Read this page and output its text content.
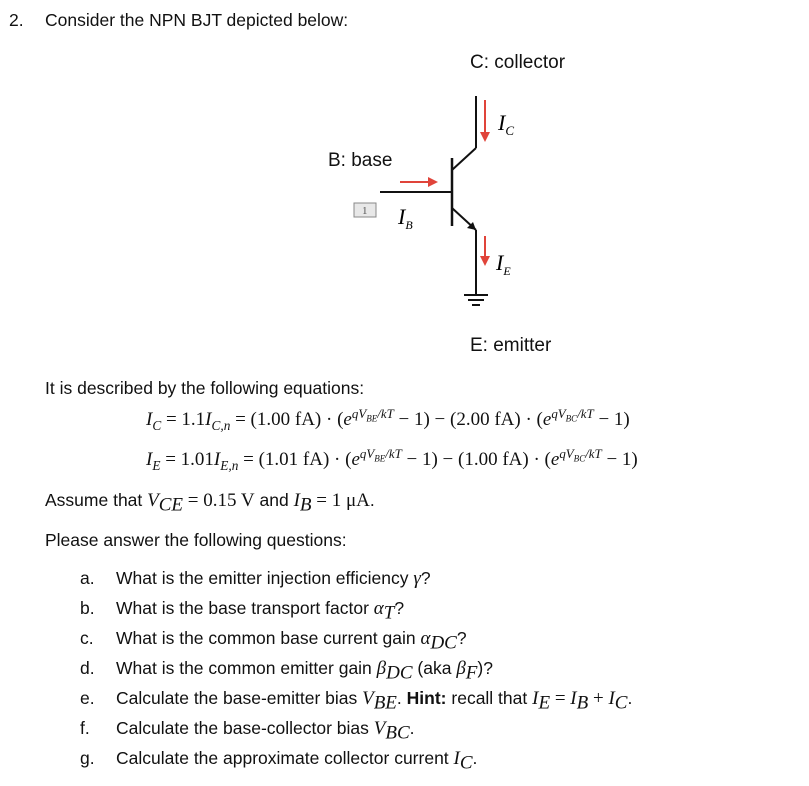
2. Consider the NPN BJT depicted below:
C: collector
B: base
E: emitter
1
$I_C$
$I_B$
$I_E$
It is described by the following equations:
$I_C = 1.1I_{C,n} = (1.00$ $fA) \cdot (e^{qV_{BE}/kT} - 1) - (2.00$ $fA) \cdot (e^{qV_{BC}/kT} - 1)$
$I_E = 1.01I_{E,n} = (1.01$ $fA) \cdot (e^{qV_{BE}/kT} - 1) - (1.00$ $fA) \cdot (e^{qV_{BC}/kT} - 1)$
Assume that $V_{CE} = 0.15$ V and $I_B = 1$ μA.
Please answer the following questions:
a. What is the emitter injection efficiency γ?
b. What is the base transport factor $\alpha_T$?
c. What is the common base current gain $\alpha_{DC}$?
d. What is the common emitter gain $\beta_{DC}$ (aka $\beta_F$)?
e. Calculate the base-emitter bias $V_{BE}$. Hint: recall that $I_E = I_B + I_C$.
f. Calculate the base-collector bias $V_{BC}$.
g. Calculate the approximate collector current $I_C$.
